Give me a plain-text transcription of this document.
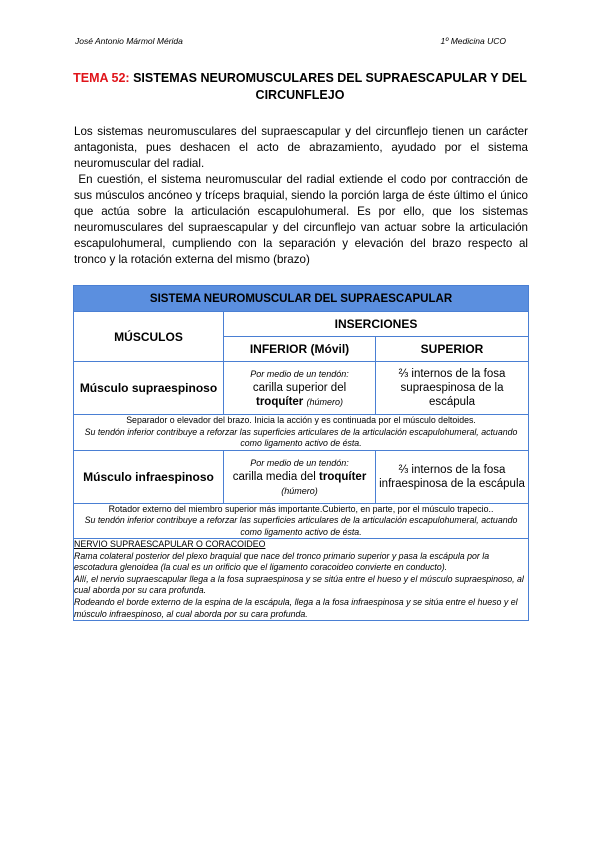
José Antonio Mármol Mérida	1º Medicina UCO
TEMA 52: SISTEMAS NEUROMUSCULARES DEL SUPRAESCAPULAR Y DEL CIRCUNFLEJO

Los sistemas neuromusculares del supraescapular y del circunflejo tienen un carácter antagonista, pues deshacen el acto de abrazamiento, ayudado por el sistema neuromuscular del radial.

En cuestión, el sistema neuromuscular del radial extiende el codo por contracción de sus músculos ancóneo y tríceps braquial, siendo la porción larga de éste último el único que actúa sobre la articulación escapulohumeral. Es por ello, que los sistemas neuromusculares del supraescapular y del circunflejo van actuar sobre la articulación escapulohumeral, cumpliendo con la separación y elevación del brazo respecto al tronco y la rotación externa del mismo (brazo)

SISTEMA NEUROMUSCULAR DEL SUPRAESCAPULAR		
MÚSCULOS	INSERCIONES	
	INFERIOR (Móvil)	SUPERIOR
Músculo supraespinoso	Por medio de un tendón:
carilla superior del
troquíter (húmero)	⅔ internos de la fosa supraespinosa de la escápula
Separador o elevador del brazo. Inicia la acción y es continuada por el músculo deltoides.
Su tendón inferior contribuye a reforzar las superficies articulares de la articulación escapulohumeral, actuando como ligamento activo de ésta.		
Músculo infraespinoso	Por medio de un tendón:
carilla media del troquíter
(húmero)	⅔ internos de la fosa infraespinosa de la escápula
Rotador externo del miembro superior más importante.Cubierto, en parte, por el músculo trapecio..
Su tendón inferior contribuye a reforzar las superficies articulares de la articulación escapulohumeral, actuando como ligamento activo de ésta.		

NERVIO SUPRAESCAPULAR O CORACOIDEO

Rama colateral posterior del plexo braquial que nace del tronco primario superior y pasa la escápula por la escotadura glenoidea (la cual es un orificio que el ligamento coracoideo convierte en conducto).

Allí, el nervio supraescapular llega a la fosa supraespinosa y se sitúa entre el hueso y el músculo supraespinoso, al cual aborda por su cara profunda.

Rodeando el borde externo de la espina de la escápula, llega a la fosa infraespinosa y se sitúa entre el hueso y el músculo infraespinoso, al cual aborda por su cara profunda.		
